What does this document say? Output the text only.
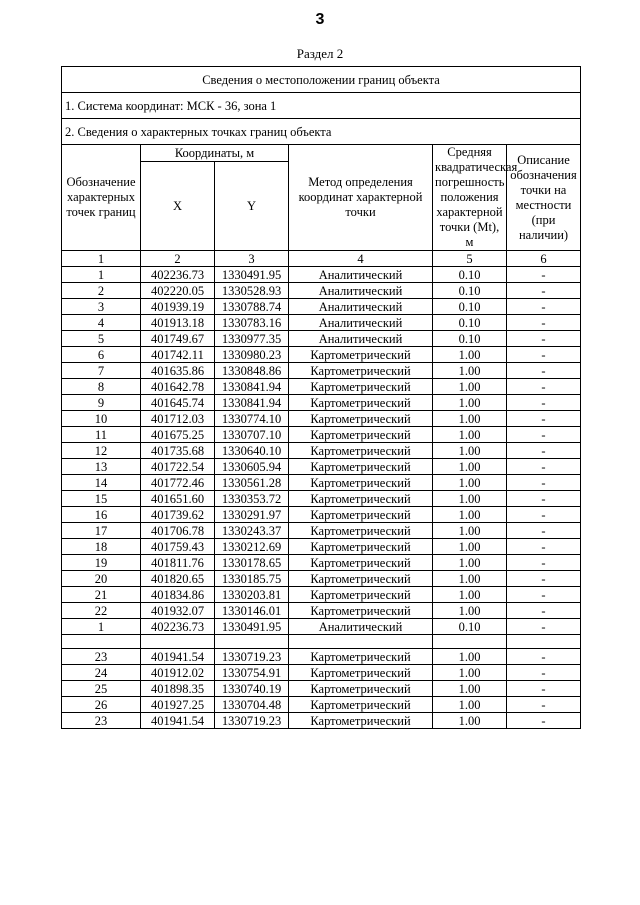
3
Раздел 2
Сведения о местоположении границ объекта					
1. Система координат: МСК - 36, зона 1					
2. Сведения о характерных точках границ объекта					
Обозначение характерных точек границ	Координаты, м		Метод определения координат характерной точки	Средняя квадратическая погрешность положения характерной точки (Mt), м	Описание обозначения точки на местности (при наличии)
	X	Y			
1	2	3	4	5	6
1	402236.73	1330491.95	Аналитический	0.10	-
2	402220.05	1330528.93	Аналитический	0.10	-
3	401939.19	1330788.74	Аналитический	0.10	-
4	401913.18	1330783.16	Аналитический	0.10	-
5	401749.67	1330977.35	Аналитический	0.10	-
6	401742.11	1330980.23	Картометрический	1.00	-
7	401635.86	1330848.86	Картометрический	1.00	-
8	401642.78	1330841.94	Картометрический	1.00	-
9	401645.74	1330841.94	Картометрический	1.00	-
10	401712.03	1330774.10	Картометрический	1.00	-
11	401675.25	1330707.10	Картометрический	1.00	-
12	401735.68	1330640.10	Картометрический	1.00	-
13	401722.54	1330605.94	Картометрический	1.00	-
14	401772.46	1330561.28	Картометрический	1.00	-
15	401651.60	1330353.72	Картометрический	1.00	-
16	401739.62	1330291.97	Картометрический	1.00	-
17	401706.78	1330243.37	Картометрический	1.00	-
18	401759.43	1330212.69	Картометрический	1.00	-
19	401811.76	1330178.65	Картометрический	1.00	-
20	401820.65	1330185.75	Картометрический	1.00	-
21	401834.86	1330203.81	Картометрический	1.00	-
22	401932.07	1330146.01	Картометрический	1.00	-
1	402236.73	1330491.95	Аналитический	0.10	-

23	401941.54	1330719.23	Картометрический	1.00	-
24	401912.02	1330754.91	Картометрический	1.00	-
25	401898.35	1330740.19	Картометрический	1.00	-
26	401927.25	1330704.48	Картометрический	1.00	-
23	401941.54	1330719.23	Картометрический	1.00	-
